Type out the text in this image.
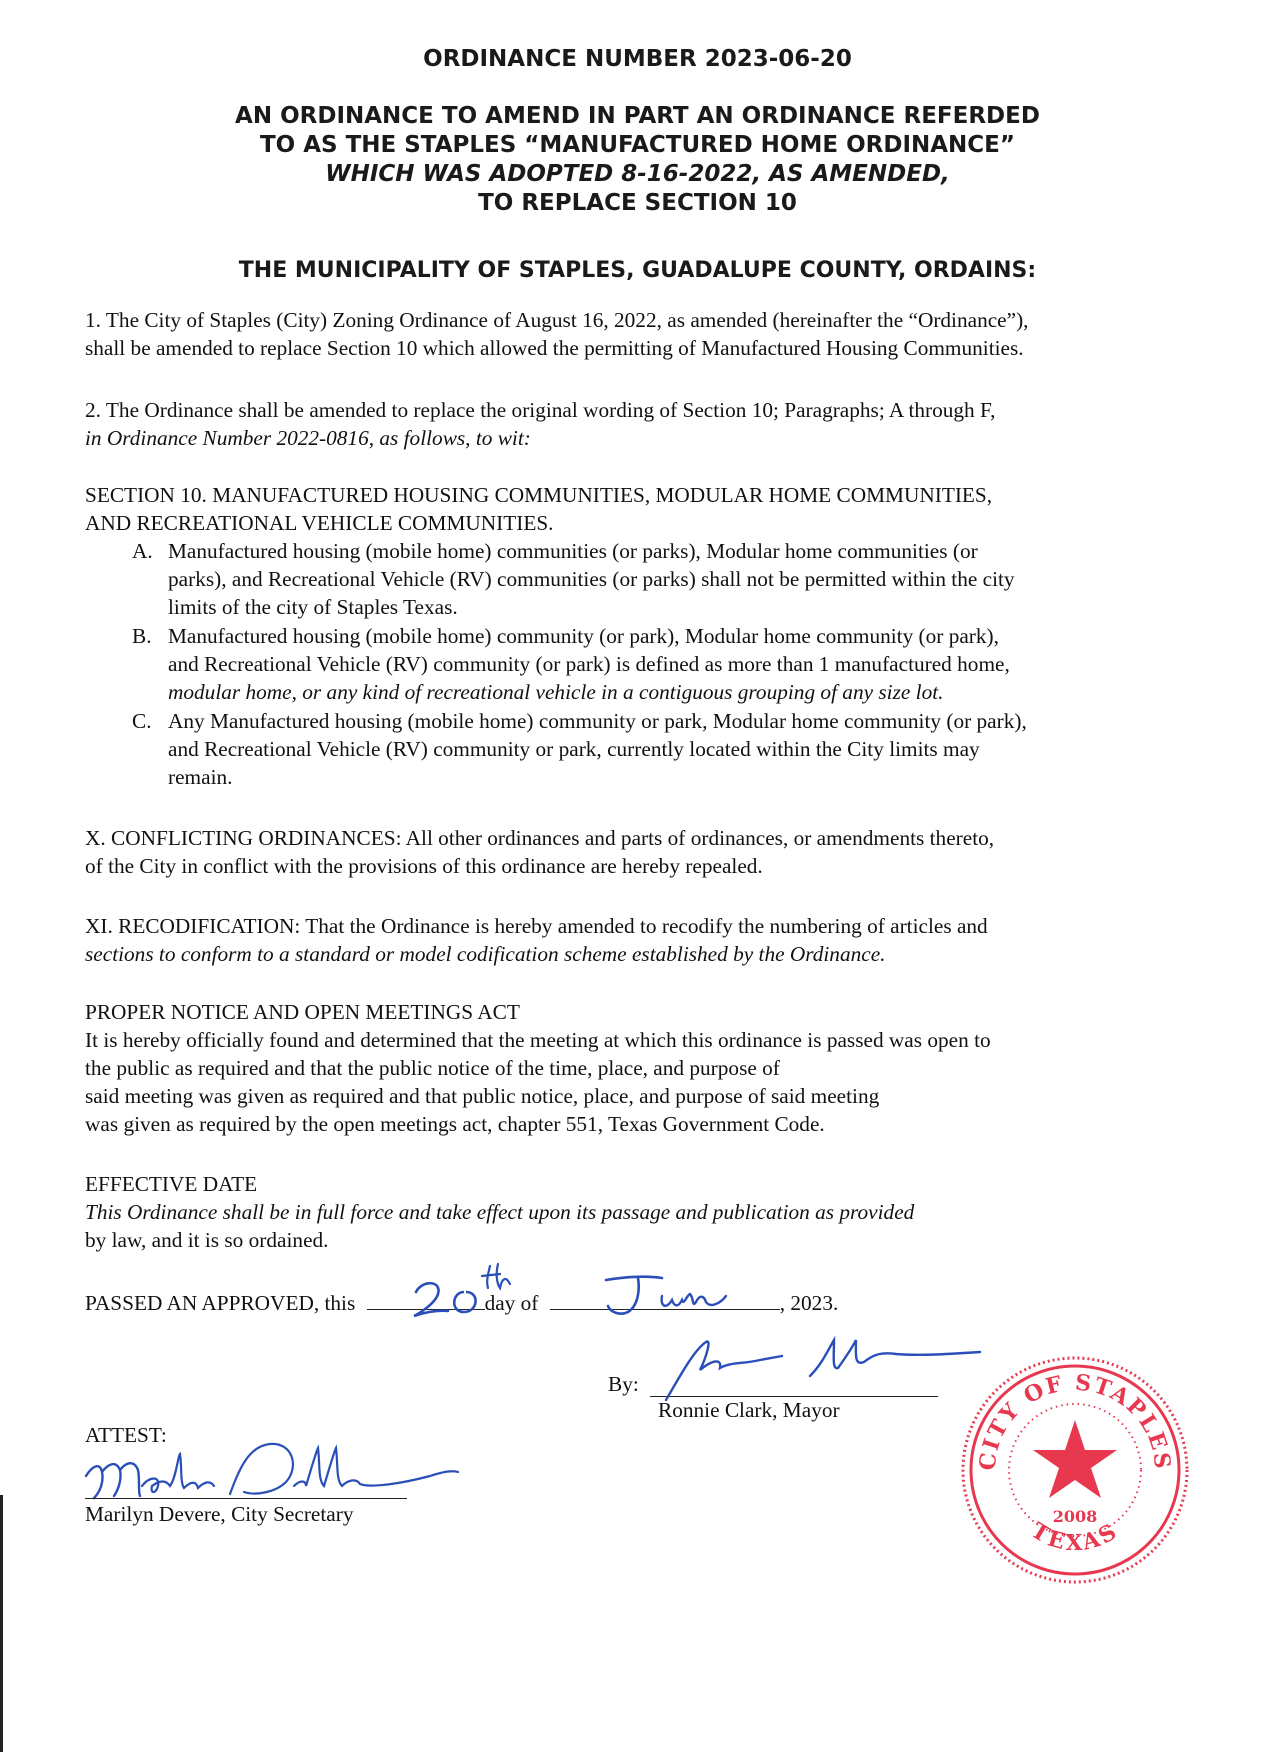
ORDINANCE NUMBER 2023-06-20
AN ORDINANCE TO AMEND IN PART AN ORDINANCE REFERDED
TO AS THE STAPLES “MANUFACTURED HOME ORDINANCE”
WHICH WAS ADOPTED 8-16-2022, AS AMENDED,
TO REPLACE SECTION 10
THE MUNICIPALITY OF STAPLES, GUADALUPE COUNTY, ORDAINS:
1. The City of Staples (City) Zoning Ordinance of August 16, 2022, as amended (hereinafter the “Ordinance”),
shall be amended to replace Section 10 which allowed the permitting of Manufactured Housing Communities.
2. The Ordinance shall be amended to replace the original wording of Section 10; Paragraphs; A through F,
in Ordinance Number 2022-0816, as follows, to wit:
SECTION 10. MANUFACTURED HOUSING COMMUNITIES, MODULAR HOME COMMUNITIES,
AND RECREATIONAL VEHICLE COMMUNITIES.
A. Manufactured housing (mobile home) communities (or parks), Modular home communities (or
parks), and Recreational Vehicle (RV) communities (or parks) shall not be permitted within the city
limits of the city of Staples Texas.
B. Manufactured housing (mobile home) community (or park), Modular home community (or park),
and Recreational Vehicle (RV) community (or park) is defined as more than 1 manufactured home,
modular home, or any kind of recreational vehicle in a contiguous grouping of any size lot.
C. Any Manufactured housing (mobile home) community or park, Modular home community (or park),
and Recreational Vehicle (RV) community or park, currently located within the City limits may
remain.
X. CONFLICTING ORDINANCES: All other ordinances and parts of ordinances, or amendments thereto,
of the City in conflict with the provisions of this ordinance are hereby repealed.
XI. RECODIFICATION: That the Ordinance is hereby amended to recodify the numbering of articles and
sections to conform to a standard or model codification scheme established by the Ordinance.
PROPER NOTICE AND OPEN MEETINGS ACT
It is hereby officially found and determined that the meeting at which this ordinance is passed was open to
the public as required and that the public notice of the time, place, and purpose of
said meeting was given as required and that public notice, place, and purpose of said meeting
was given as required by the open meetings act, chapter 551, Texas Government Code.
EFFECTIVE DATE
This Ordinance shall be in full force and take effect upon its passage and publication as provided
by law, and it is so ordained.
PASSED AN APPROVED, this	day of	, 2023.
20th
June
By:
Ronnie Clark, Mayor
ATTEST:
Marilyn Devere, City Secretary
CITY OF STAPLES
TEXAS
2008
